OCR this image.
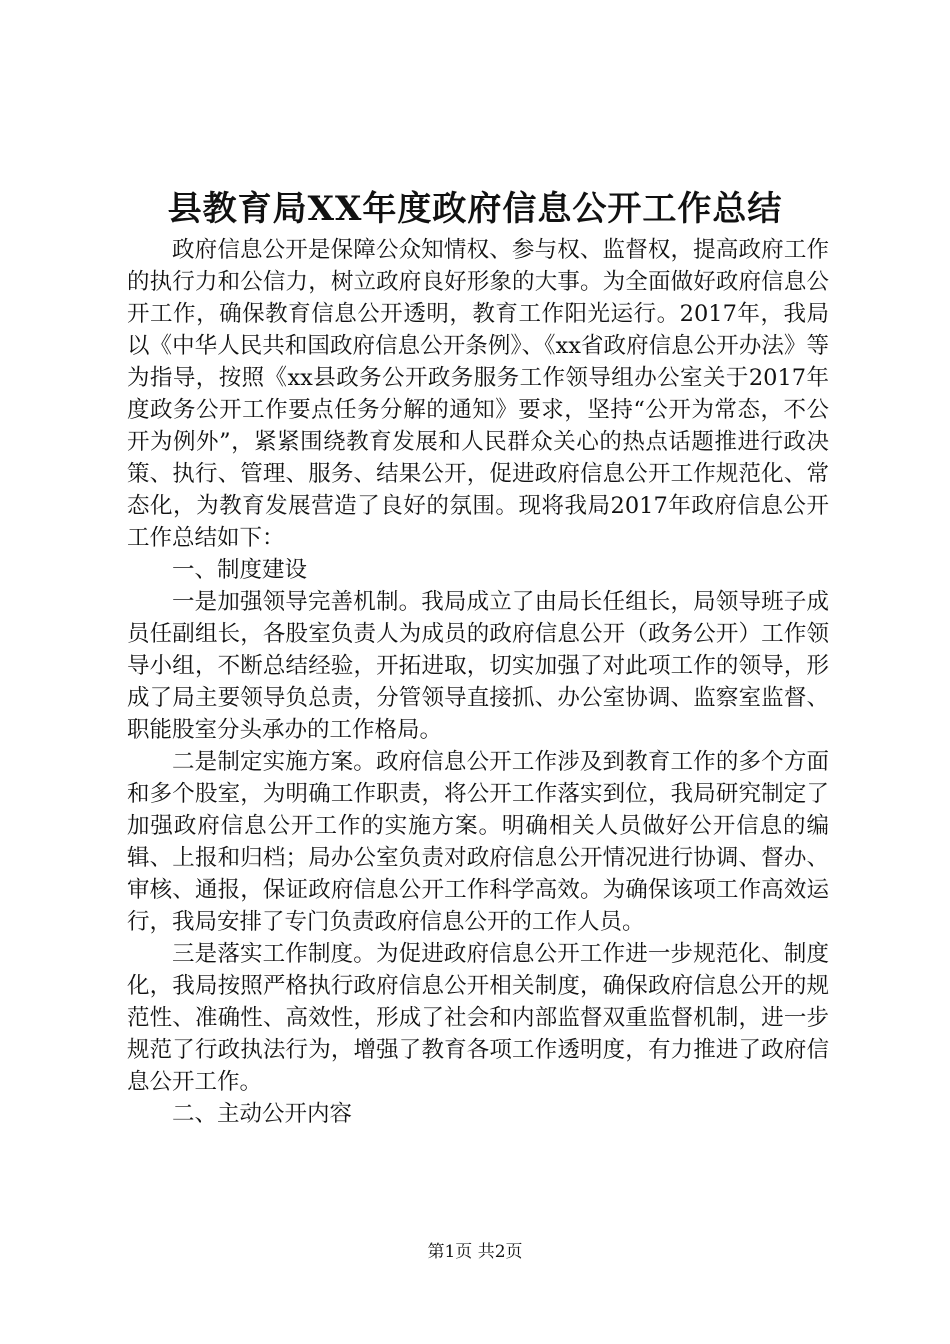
县教育局XX年度政府信息公开工作总结

政府信息公开是保障公众知情权、参与权、监督权，提高政府工作的执行力和公信力，树立政府良好形象的大事。为全面做好政府信息公开工作，确保教育信息公开透明，教育工作阳光运行。2017年，我局以《中华人民共和国政府信息公开条例》、《xx省政府信息公开办法》等为指导，按照《xx县政务公开政务服务工作领导组办公室关于2017年度政务公开工作要点任务分解的通知》要求，坚持“公开为常态，不公开为例外”，紧紧围绕教育发展和人民群众关心的热点话题推进行政决策、执行、管理、服务、结果公开，促进政府信息公开工作规范化、常态化，为教育发展营造了良好的氛围。现将我局2017年政府信息公开工作总结如下：

一、制度建设

一是加强领导完善机制。我局成立了由局长任组长，局领导班子成员任副组长，各股室负责人为成员的政府信息公开（政务公开）工作领导小组，不断总结经验，开拓进取，切实加强了对此项工作的领导，形成了局主要领导负总责，分管领导直接抓、办公室协调、监察室监督、职能股室分头承办的工作格局。

二是制定实施方案。政府信息公开工作涉及到教育工作的多个方面和多个股室，为明确工作职责，将公开工作落实到位，我局研究制定了加强政府信息公开工作的实施方案。明确相关人员做好公开信息的编辑、上报和归档；局办公室负责对政府信息公开情况进行协调、督办、审核、通报，保证政府信息公开工作科学高效。为确保该项工作高效运行，我局安排了专门负责政府信息公开的工作人员。

三是落实工作制度。为促进政府信息公开工作进一步规范化、制度化，我局按照严格执行政府信息公开相关制度，确保政府信息公开的规范性、准确性、高效性，形成了社会和内部监督双重监督机制，进一步规范了行政执法行为，增强了教育各项工作透明度，有力推进了政府信息公开工作。

二、主动公开内容

第1页 共2页
